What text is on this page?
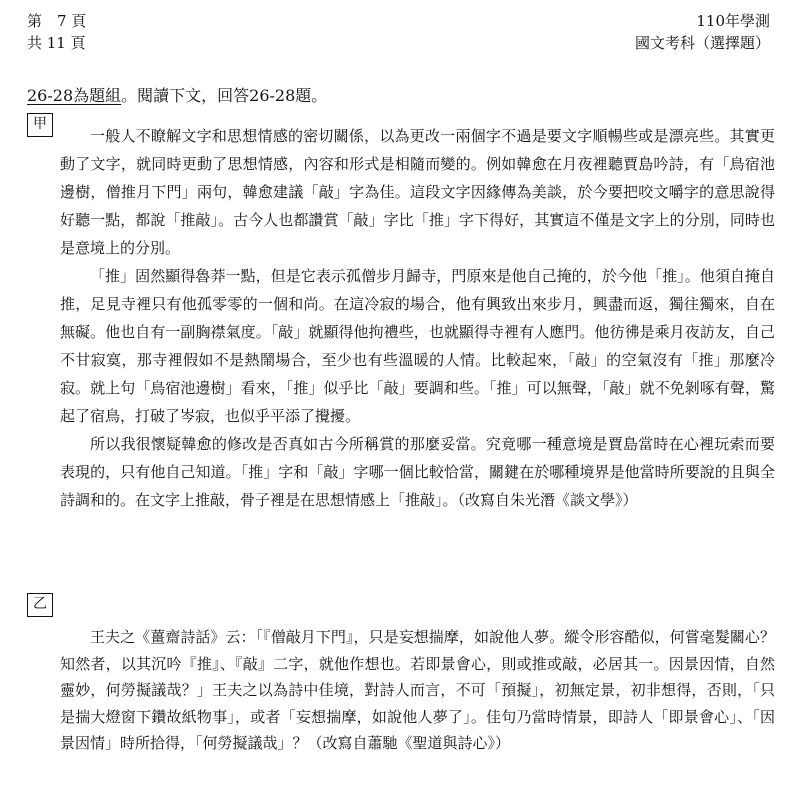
第　7 頁
共 11 頁
110年學測
國文考科（選擇題）
26-28為題組。閱讀下文，回答26-28題。
甲

一般人不瞭解文字和思想情感的密切關係，以為更改一兩個字不過是要文字順暢些或是漂亮些。其實更動了文字，就同時更動了思想情感，內容和形式是相隨而變的。例如韓愈在月夜裡聽賈島吟詩，有「鳥宿池邊樹，僧推月下門」兩句，韓愈建議「敲」字為佳。這段文字因緣傳為美談，於今要把咬文嚼字的意思說得好聽一點，都說「推敲」。古今人也都讚賞「敲」字比「推」字下得好，其實這不僅是文字上的分別，同時也是意境上的分別。

「推」固然顯得魯莽一點，但是它表示孤僧步月歸寺，門原來是他自己掩的，於今他「推」。他須自掩自推，足見寺裡只有他孤零零的一個和尚。在這冷寂的場合，他有興致出來步月，興盡而返，獨往獨來，自在無礙。他也自有一副胸襟氣度。「敲」就顯得他拘禮些，也就顯得寺裡有人應門。他彷彿是乘月夜訪友，自己不甘寂寞，那寺裡假如不是熱鬧場合，至少也有些溫暖的人情。比較起來，「敲」的空氣沒有「推」那麼冷寂。就上句「鳥宿池邊樹」看來，「推」似乎比「敲」要調和些。「推」可以無聲，「敲」就不免剝啄有聲，驚起了宿鳥，打破了岑寂，也似乎平添了攪擾。

所以我很懷疑韓愈的修改是否真如古今所稱賞的那麼妥當。究竟哪一種意境是賈島當時在心裡玩索而要表現的，只有他自己知道。「推」字和「敲」字哪一個比較恰當，關鍵在於哪種境界是他當時所要說的且與全詩調和的。在文字上推敲，骨子裡是在思想情感上「推敲」。（改寫自朱光潛《談文學》）

乙

王夫之《薑齋詩話》云：「『僧敲月下門』，只是妄想揣摩，如說他人夢。縱令形容酷似，何嘗毫髮關心？知然者，以其沉吟『推』、『敲』二字，就他作想也。若即景會心，則或推或敲，必居其一。因景因情，自然靈妙，何勞擬議哉？」王夫之以為詩中佳境，對詩人而言，不可「預擬」，初無定景，初非想得，否則，「只是揣大燈窗下鑽故紙物事」，或者「妄想揣摩，如說他人夢了」。佳句乃當時情景，即詩人「即景會心」、「因景因情」時所拾得，「何勞擬議哉」？（改寫自蕭馳《聖道與詩心》）
